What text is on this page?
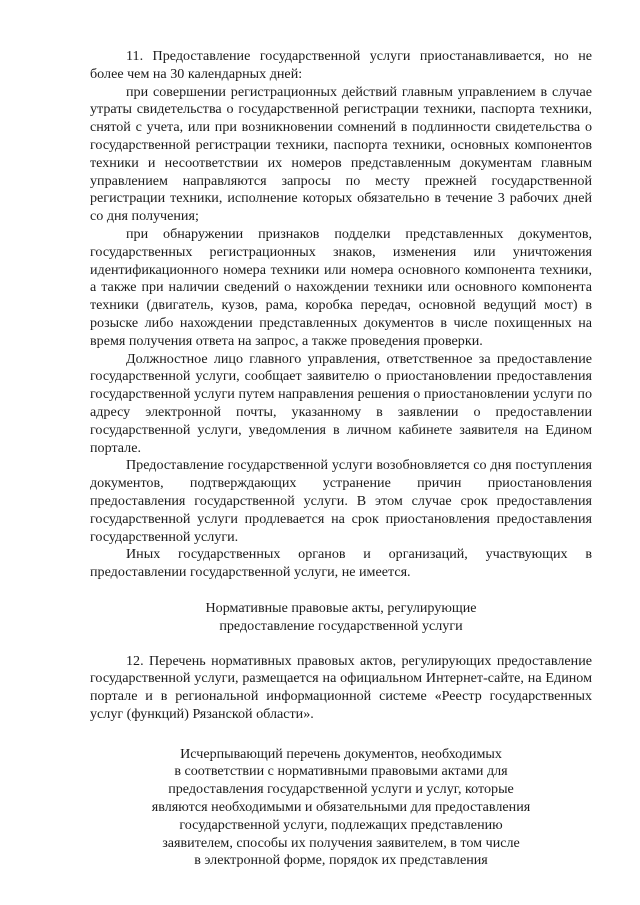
11. Предоставление государственной услуги приостанавливается, но не более чем на 30 календарных дней:

при совершении регистрационных действий главным управлением в случае утраты свидетельства о государственной регистрации техники, паспорта техники, снятой с учета, или при возникновении сомнений в подлинности свидетельства о государственной регистрации техники, паспорта техники, основных компонентов техники и несоответствии их номеров представленным документам главным управлением направляются запросы по месту прежней государственной регистрации техники, исполнение которых обязательно в течение 3 рабочих дней со дня получения;

при обнаружении признаков подделки представленных документов, государственных регистрационных знаков, изменения или уничтожения идентификационного номера техники или номера основного компонента техники, а также при наличии сведений о нахождении техники или основного компонента техники (двигатель, кузов, рама, коробка передач, основной ведущий мост) в розыске либо нахождении представленных документов в числе похищенных на время получения ответа на запрос, а также проведения проверки.

Должностное лицо главного управления, ответственное за предоставление государственной услуги, сообщает заявителю о приостановлении предоставления государственной услуги путем направления решения о приостановлении услуги по адресу электронной почты, указанному в заявлении о предоставлении государственной услуги, уведомления в личном кабинете заявителя на Едином портале.

Предоставление государственной услуги возобновляется со дня поступления документов, подтверждающих устранение причин приостановления предоставления государственной услуги. В этом случае срок предоставления государственной услуги продлевается на срок приостановления предоставления государственной услуги.

Иных государственных органов и организаций, участвующих в предоставлении государственной услуги, не имеется.

Нормативные правовые акты, регулирующие
предоставление государственной услуги

12. Перечень нормативных правовых актов, регулирующих предоставление государственной услуги, размещается на официальном Интернет-сайте, на Едином портале и в региональной информационной системе «Реестр государственных услуг (функций) Рязанской области».

Исчерпывающий перечень документов, необходимых
в соответствии с нормативными правовыми актами для
предоставления государственной услуги и услуг, которые
являются необходимыми и обязательными для предоставления
государственной услуги, подлежащих представлению
заявителем, способы их получения заявителем, в том числе
в электронной форме, порядок их представления
